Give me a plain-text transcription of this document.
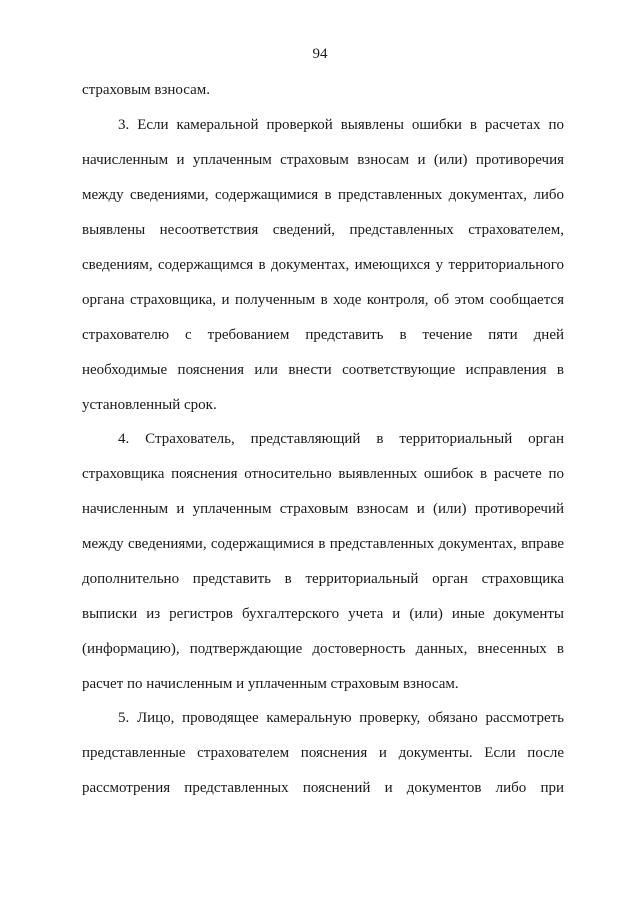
94
страховым взносам.
3. Если камеральной проверкой выявлены ошибки в расчетах по
начисленным и уплаченным страховым взносам и (или) противоречия
между сведениями, содержащимися в представленных документах, либо
выявлены несоответствия сведений, представленных страхователем,
сведениям, содержащимся в документах, имеющихся у территориального
органа страховщика, и полученным в ходе контроля, об этом сообщается
страхователю с требованием представить в течение пяти дней
необходимые пояснения или внести соответствующие исправления в
установленный срок.
4. Страхователь, представляющий в территориальный орган
страховщика пояснения относительно выявленных ошибок в расчете по
начисленным и уплаченным страховым взносам и (или) противоречий
между сведениями, содержащимися в представленных документах, вправе
дополнительно представить в территориальный орган страховщика
выписки из регистров бухгалтерского учета и (или) иные документы
(информацию), подтверждающие достоверность данных, внесенных в
расчет по начисленным и уплаченным страховым взносам.
5. Лицо, проводящее камеральную проверку, обязано рассмотреть
представленные страхователем пояснения и документы. Если после
рассмотрения представленных пояснений и документов либо при
